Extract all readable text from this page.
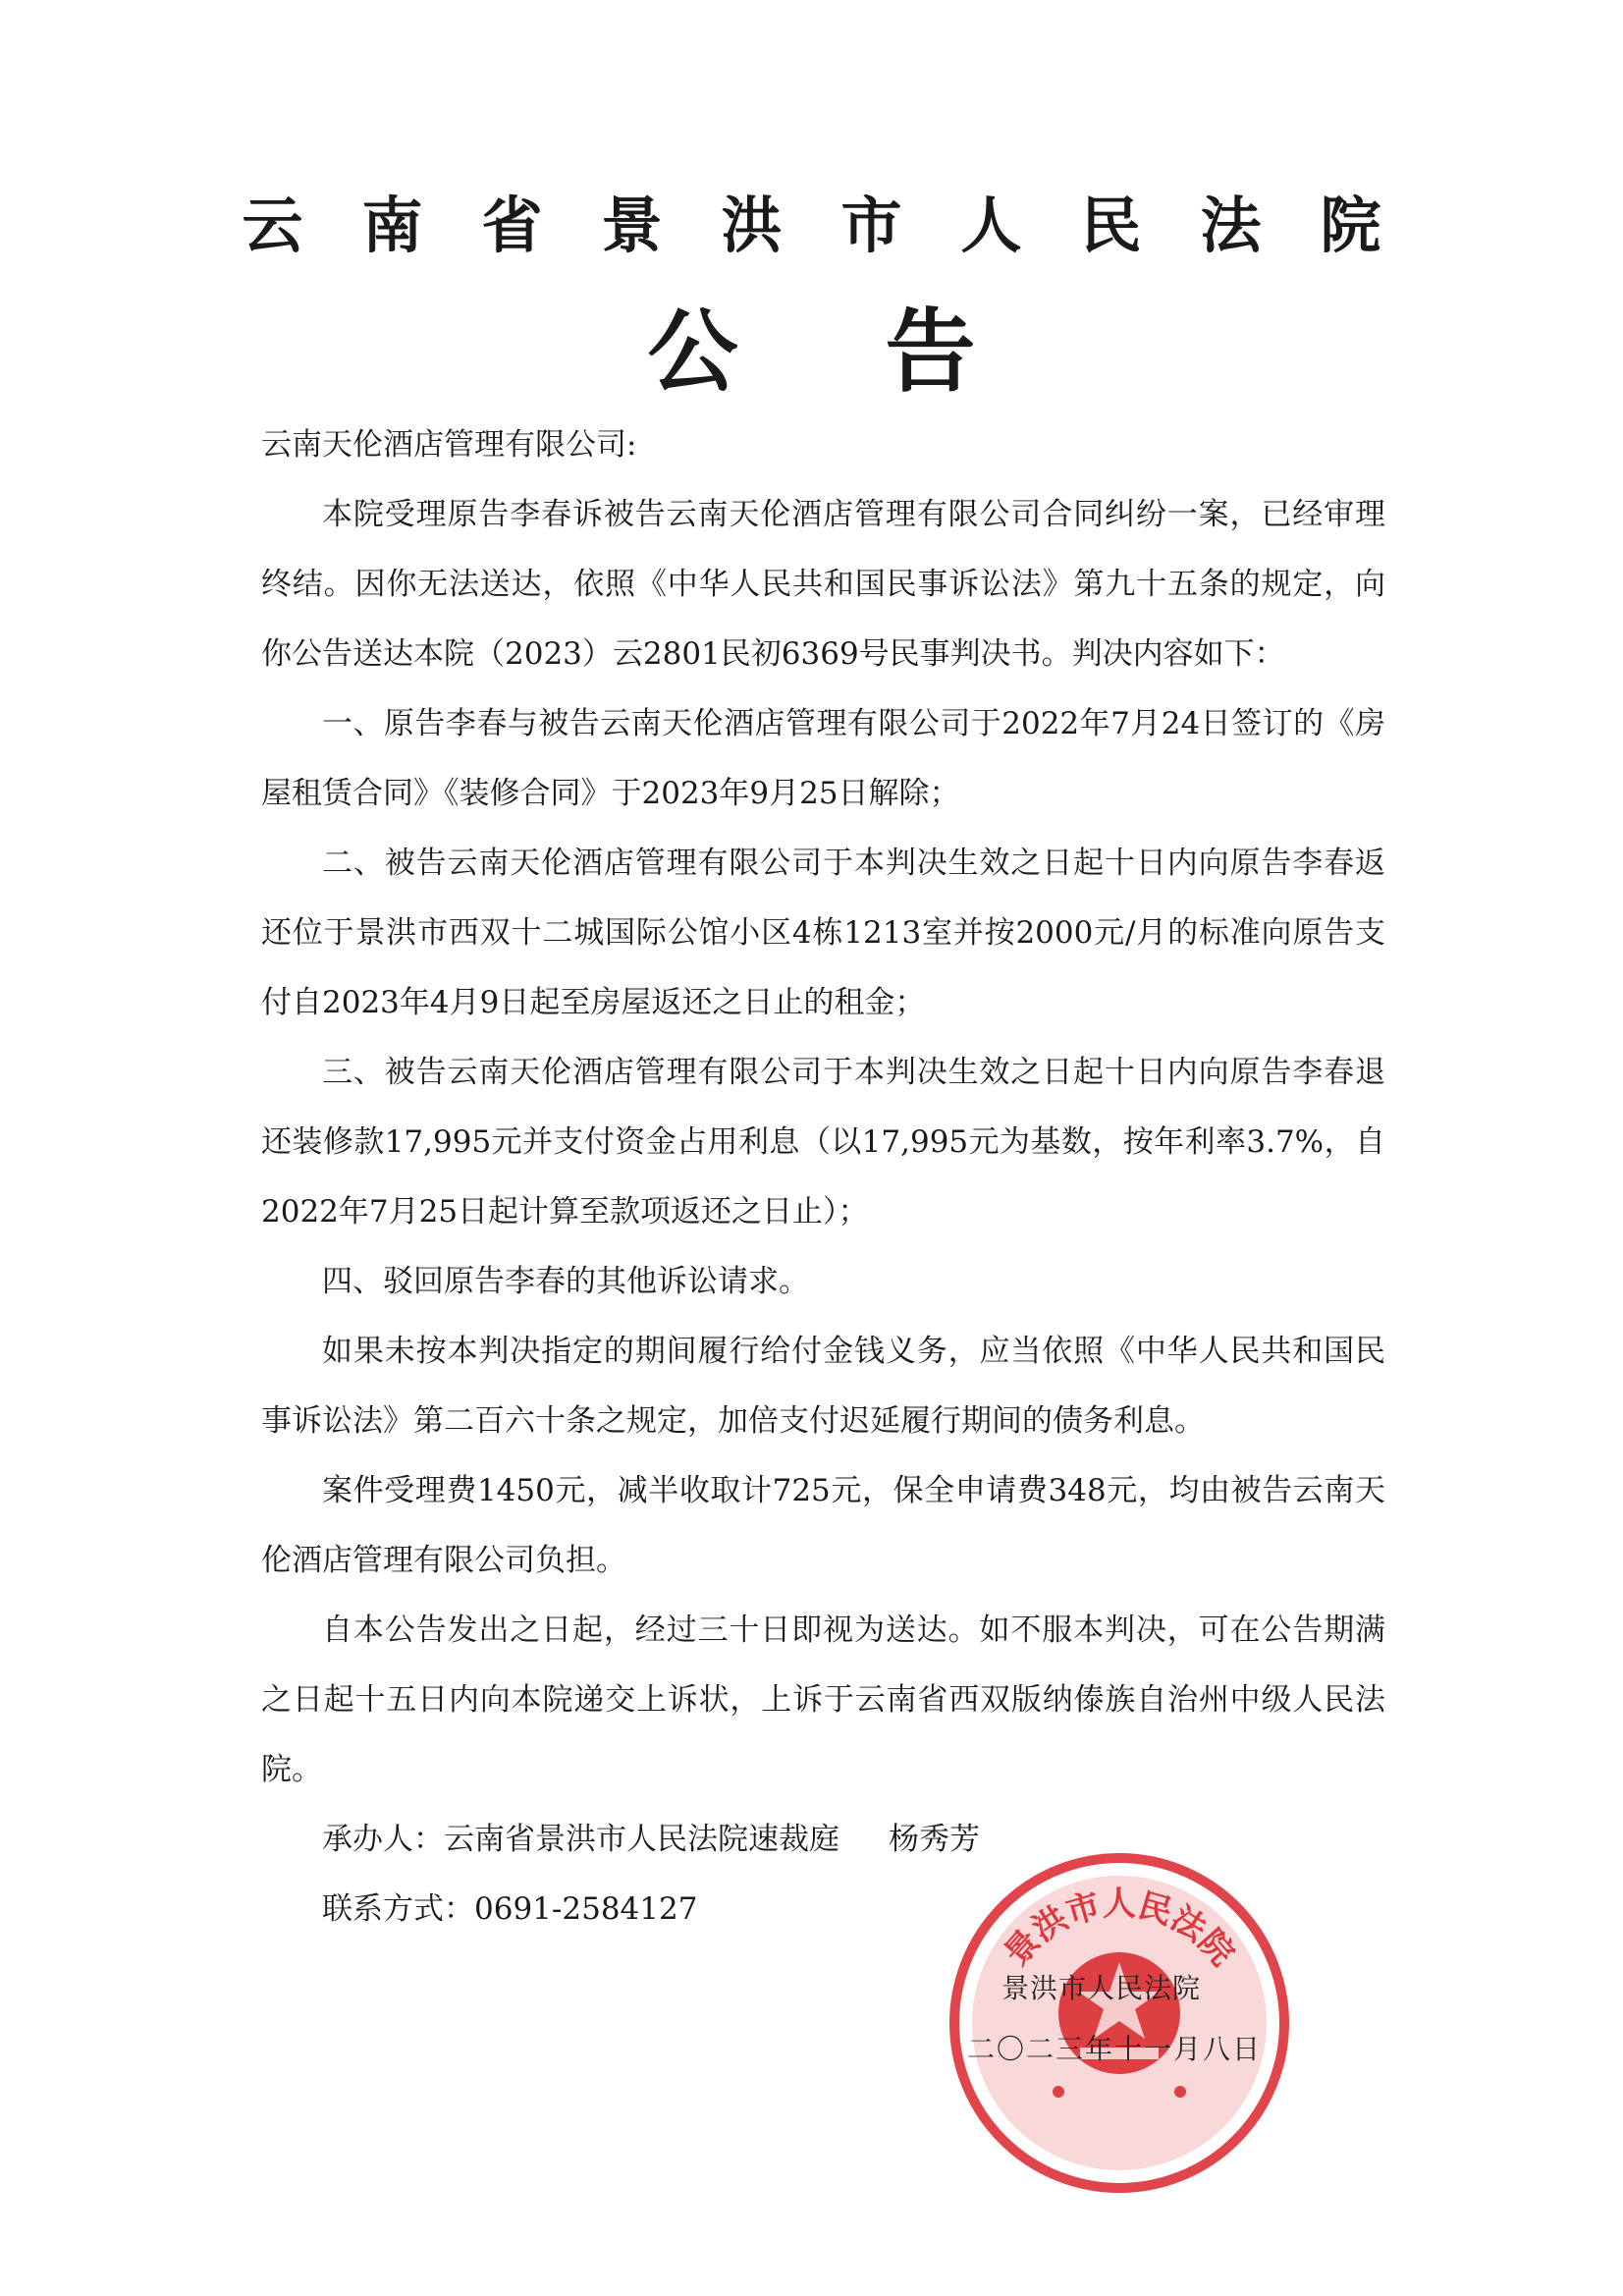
云南省景洪市人民法院
公告

云南天伦酒店管理有限公司:

本院受理原告李春诉被告云南天伦酒店管理有限公司合同纠纷一案，已经审理终结。因你无法送达，依照《中华人民共和国民事诉讼法》第九十五条的规定，向你公告送达本院（2023）云2801民初6369号民事判决书。判决内容如下：

一、原告李春与被告云南天伦酒店管理有限公司于2022年7月24日签订的《房屋租赁合同》《装修合同》于2023年9月25日解除；

二、被告云南天伦酒店管理有限公司于本判决生效之日起十日内向原告李春返还位于景洪市西双十二城国际公馆小区4栋1213室并按2000元/月的标准向原告支付自2023年4月9日起至房屋返还之日止的租金；

三、被告云南天伦酒店管理有限公司于本判决生效之日起十日内向原告李春退还装修款17,995元并支付资金占用利息（以17,995元为基数，按年利率3.7%，自2022年7月25日起计算至款项返还之日止）；

四、驳回原告李春的其他诉讼请求。

如果未按本判决指定的期间履行给付金钱义务，应当依照《中华人民共和国民事诉讼法》第二百六十条之规定，加倍支付迟延履行期间的债务利息。

案件受理费1450元，减半收取计725元，保全申请费348元，均由被告云南天伦酒店管理有限公司负担。

自本公告发出之日起，经过三十日即视为送达。如不服本判决，可在公告期满之日起十五日内向本院递交上诉状，上诉于云南省西双版纳傣族自治州中级人民法院。

承办人：云南省景洪市人民法院速裁庭 杨秀芳

联系方式：0691-2584127

景洪市人民法院
景洪市人民法院
二〇二三年十一月八日
